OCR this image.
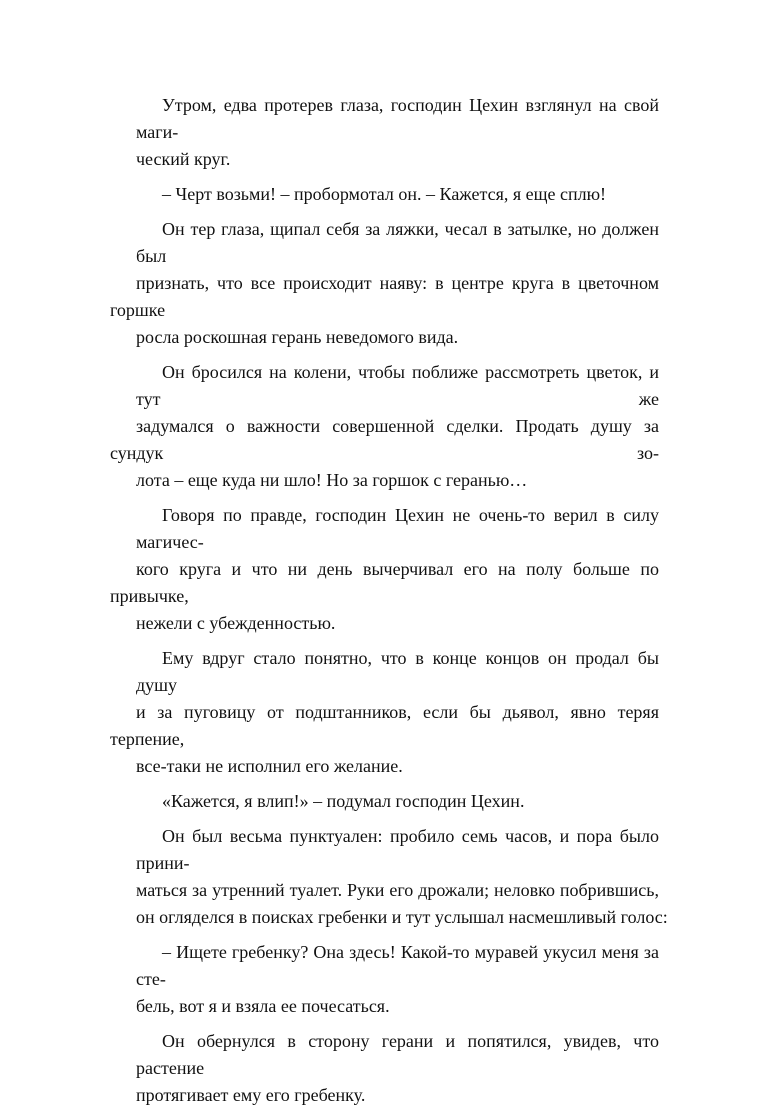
Утром, едва протерев глаза, господин Цехин взглянул на свой маги-
ческий круг.
– Черт возьми! – пробормотал он. – Кажется, я еще сплю!
Он тер глаза, щипал себя за ляжки, чесал в затылке, но должен был
признать, что все происходит наяву: в центре круга в цветочном горшке
росла роскошная герань неведомого вида.
Он бросился на колени, чтобы поближе рассмотреть цветок, и тут же
задумался о важности совершенной сделки. Продать душу за сундук зо-
лота – еще куда ни шло! Но за горшок с геранью…
Говоря по правде, господин Цехин не очень-то верил в силу магичес-
кого круга и что ни день вычерчивал его на полу больше по привычке,
нежели с убежденностью.
Ему вдруг стало понятно, что в конце концов он продал бы душу
и за пуговицу от подштанников, если бы дьявол, явно теряя терпение,
все-таки не исполнил его желание.
«Кажется, я влип!» – подумал господин Цехин.
Он был весьма пунктуален: пробило семь часов, и пора было прини-
маться за утренний туалет. Руки его дрожали; неловко побрившись,
он огляделся в поисках гребенки и тут услышал насмешливый голос:
– Ищете гребенку? Она здесь! Какой-то муравей укусил меня за сте-
бель, вот я и взяла ее почесаться.
Он обернулся в сторону герани и попятился, увидев, что растение
протягивает ему его гребенку.
